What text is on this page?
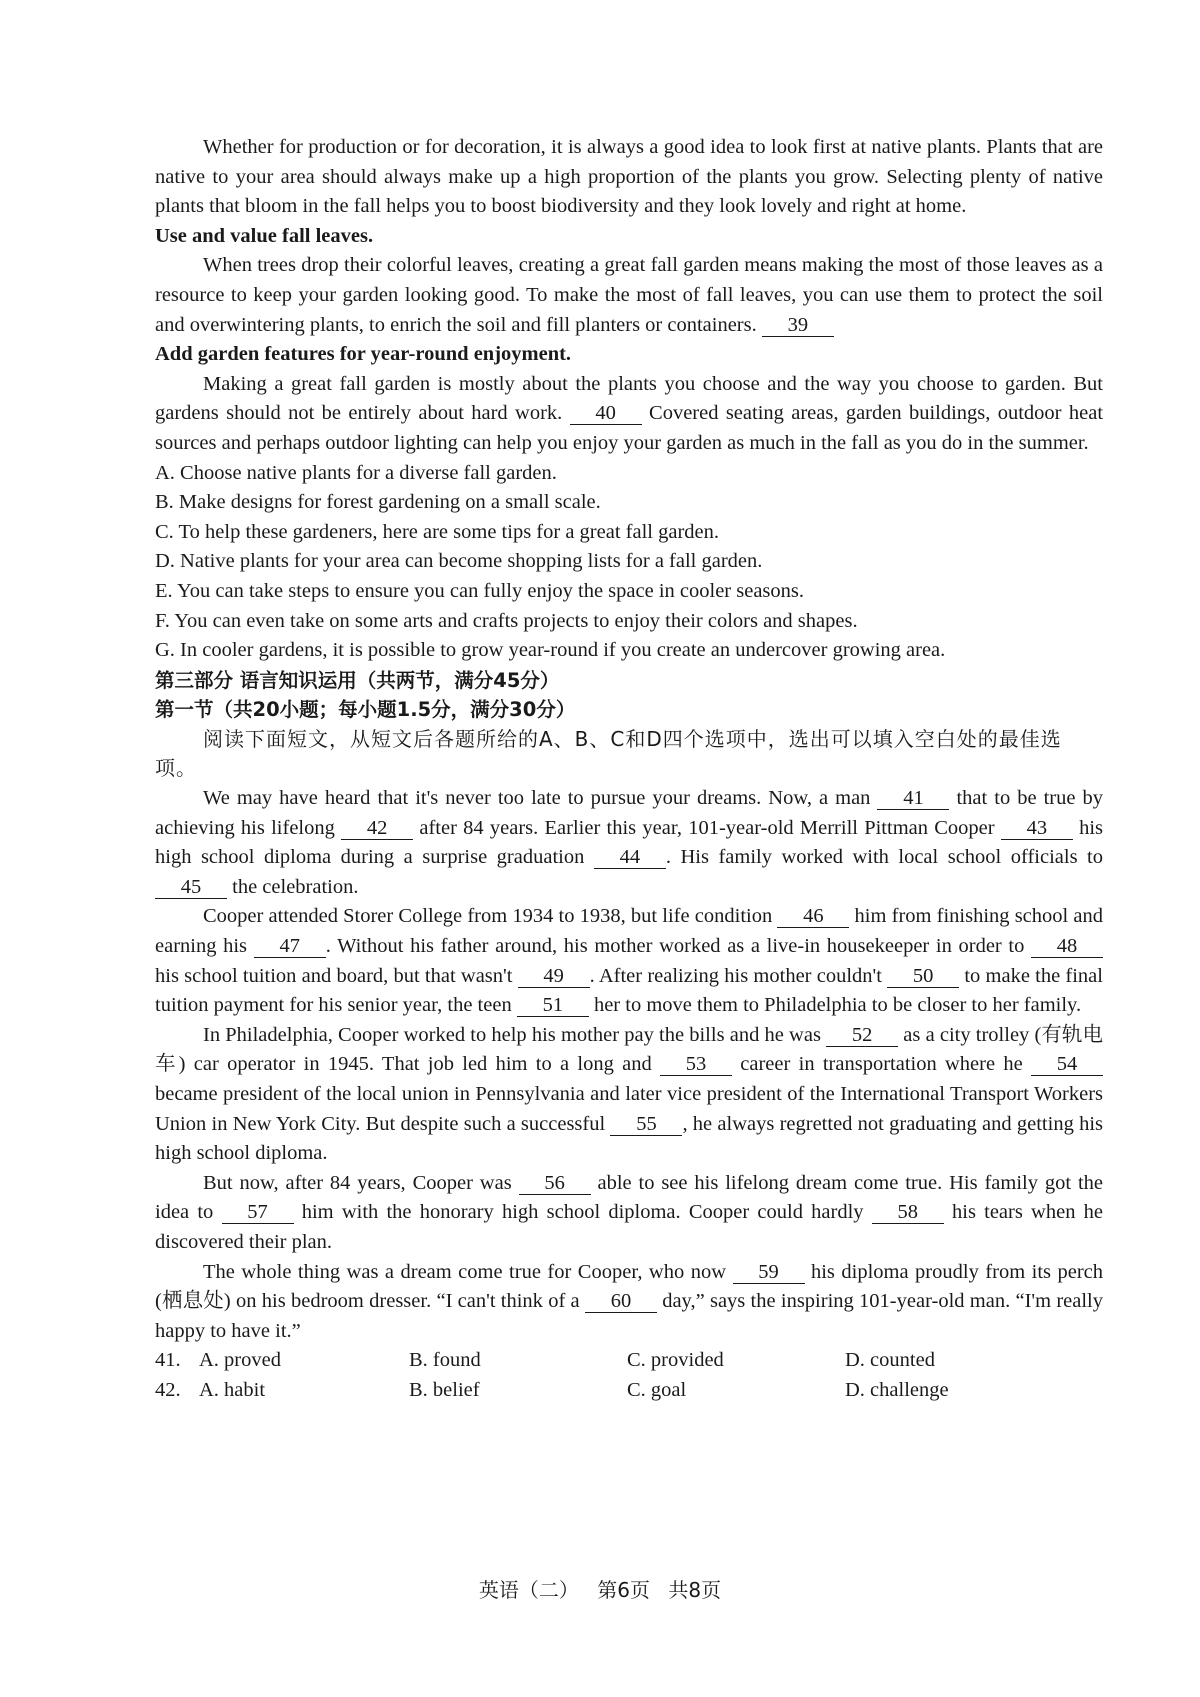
Whether for production or for decoration, it is always a good idea to look first at native plants. Plants that are native to your area should always make up a high proportion of the plants you grow. Selecting plenty of native plants that bloom in the fall helps you to boost biodiversity and they look lovely and right at home.

Use and value fall leaves.

When trees drop their colorful leaves, creating a great fall garden means making the most of those leaves as a resource to keep your garden looking good. To make the most of fall leaves, you can use them to protect the soil and overwintering plants, to enrich the soil and fill planters or containers. 39

Add garden features for year-round enjoyment.

Making a great fall garden is mostly about the plants you choose and the way you choose to garden. But gardens should not be entirely about hard work. 40 Covered seating areas, garden buildings, outdoor heat sources and perhaps outdoor lighting can help you enjoy your garden as much in the fall as you do in the summer.

A. Choose native plants for a diverse fall garden.

B. Make designs for forest gardening on a small scale.

C. To help these gardeners, here are some tips for a great fall garden.

D. Native plants for your area can become shopping lists for a fall garden.

E. You can take steps to ensure you can fully enjoy the space in cooler seasons.

F. You can even take on some arts and crafts projects to enjoy their colors and shapes.

G. In cooler gardens, it is possible to grow year-round if you create an undercover growing area.

第三部分 语言知识运用（共两节，满分45分）

第一节（共20小题；每小题1.5分，满分30分）

阅读下面短文，从短文后各题所给的A、B、C和D四个选项中，选出可以填入空白处的最佳选项。

We may have heard that it's never too late to pursue your dreams. Now, a man 41 that to be true by achieving his lifelong 42 after 84 years. Earlier this year, 101-year-old Merrill Pittman Cooper 43 his high school diploma during a surprise graduation 44 . His family worked with local school officials to 45 the celebration.

Cooper attended Storer College from 1934 to 1938, but life condition 46 him from finishing school and earning his 47 . Without his father around, his mother worked as a live-in housekeeper in order to 48 his school tuition and board, but that wasn't 49 . After realizing his mother couldn't 50 to make the final tuition payment for his senior year, the teen 51 her to move them to Philadelphia to be closer to her family.

In Philadelphia, Cooper worked to help his mother pay the bills and he was 52 as a city trolley (有轨电车) car operator in 1945. That job led him to a long and 53 career in transportation where he 54 became president of the local union in Pennsylvania and later vice president of the International Transport Workers Union in New York City. But despite such a successful 55 , he always regretted not graduating and getting his high school diploma.

But now, after 84 years, Cooper was 56 able to see his lifelong dream come true. His family got the idea to 57 him with the honorary high school diploma. Cooper could hardly 58 his tears when he discovered their plan.

The whole thing was a dream come true for Cooper, who now 59 his diploma proudly from its perch (栖息处) on his bedroom dresser. “I can't think of a 60 day,” says the inspiring 101-year-old man. “I'm really happy to have it.”

41. A. proved	B. found	C. provided	D. counted
42. A. habit	B. belief	C. goal	D. challenge
英语（二） 第6页 共8页
